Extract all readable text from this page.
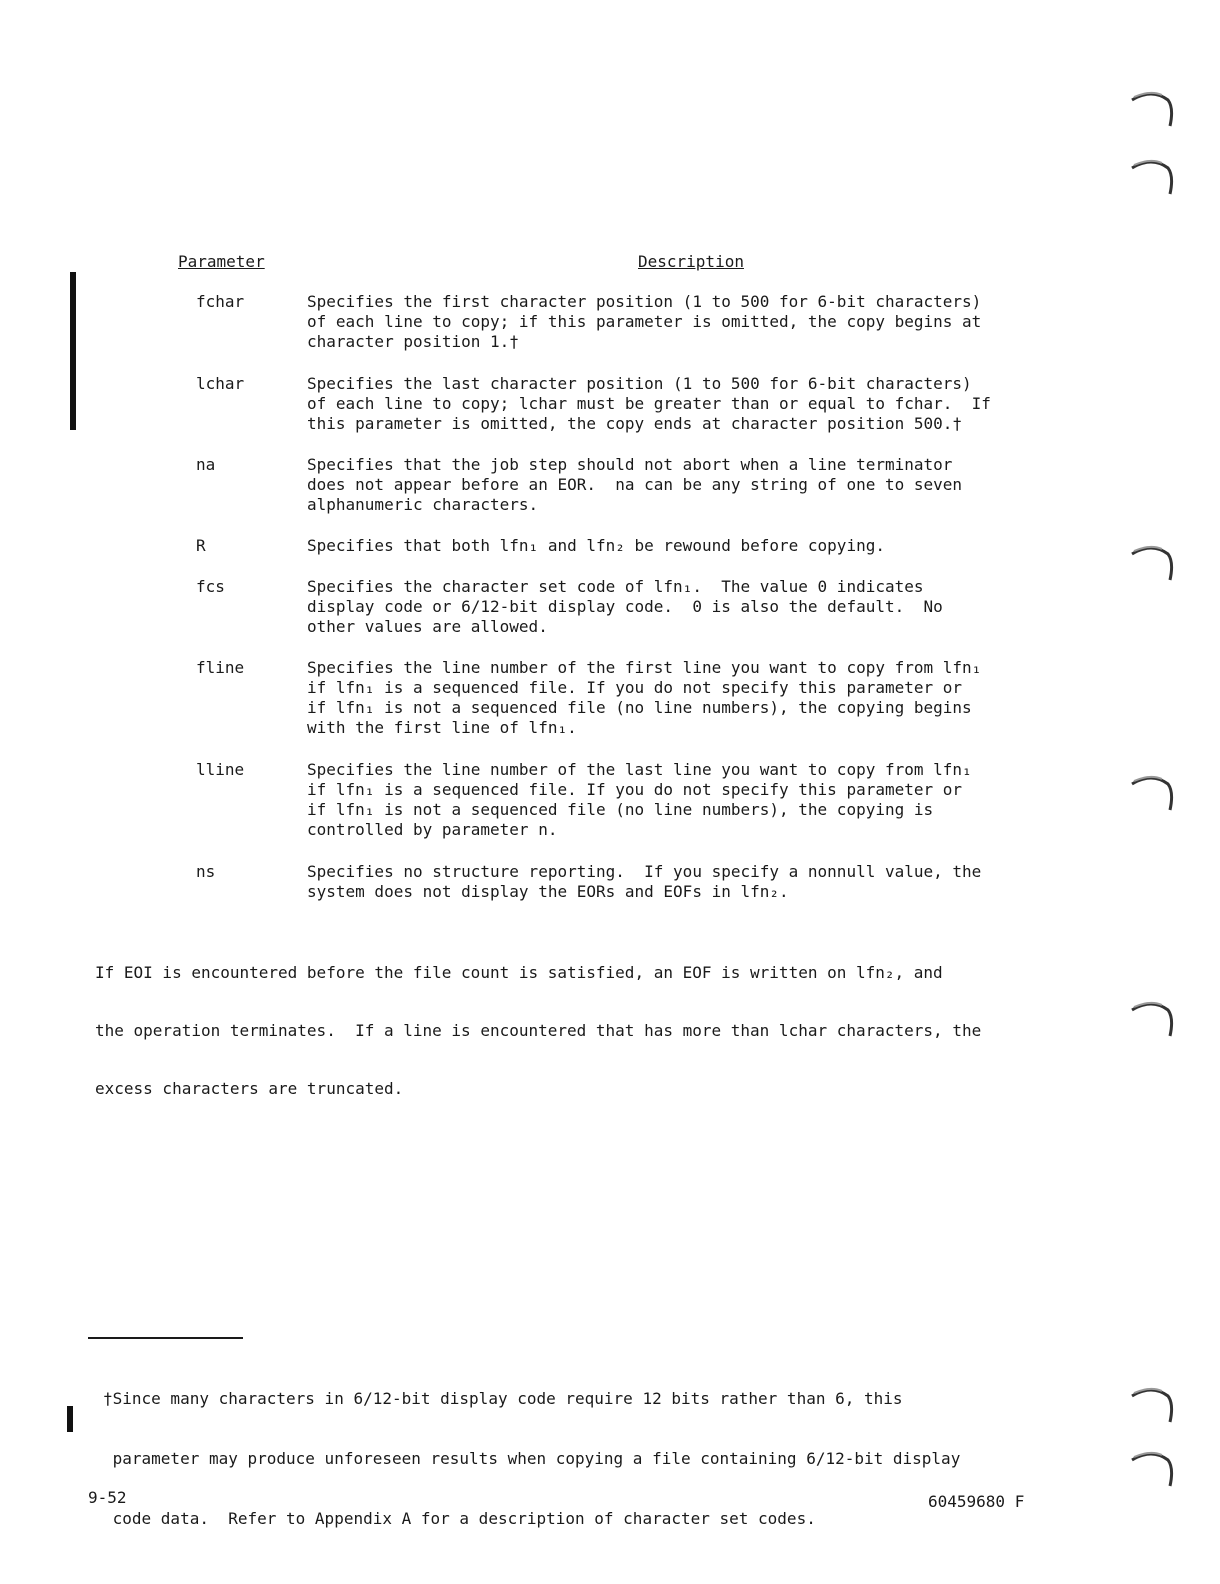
Parameter	Description
fchar	Specifies the first character position (1 to 500 for 6-bit characters)
of each line to copy; if this parameter is omitted, the copy begins at
character position 1.†
lchar	Specifies the last character position (1 to 500 for 6-bit characters)
of each line to copy; lchar must be greater than or equal to fchar.  If
this parameter is omitted, the copy ends at character position 500.†
na	Specifies that the job step should not abort when a line terminator
does not appear before an EOR.  na can be any string of one to seven
alphanumeric characters.
R	Specifies that both lfn₁ and lfn₂ be rewound before copying.
fcs	Specifies the character set code of lfn₁.  The value 0 indicates
display code or 6/12-bit display code.  0 is also the default.  No
other values are allowed.
fline	Specifies the line number of the first line you want to copy from lfn₁
if lfn₁ is a sequenced file. If you do not specify this parameter or
if lfn₁ is not a sequenced file (no line numbers), the copying begins
with the first line of lfn₁.
lline	Specifies the line number of the last line you want to copy from lfn₁
if lfn₁ is a sequenced file. If you do not specify this parameter or
if lfn₁ is not a sequenced file (no line numbers), the copying is
controlled by parameter n.
ns	Specifies no structure reporting.  If you specify a nonnull value, the
system does not display the EORs and EOFs in lfn₂.

If EOI is encountered before the file count is satisfied, an EOF is written on lfn₂, and

the operation terminates.  If a line is encountered that has more than lchar characters, the

excess characters are truncated.

†Since many characters in 6/12-bit display code require 12 bits rather than 6, this

parameter may produce unforeseen results when copying a file containing 6/12-bit display

code data.  Refer to Appendix A for a description of character set codes.

9-52	60459680 F
